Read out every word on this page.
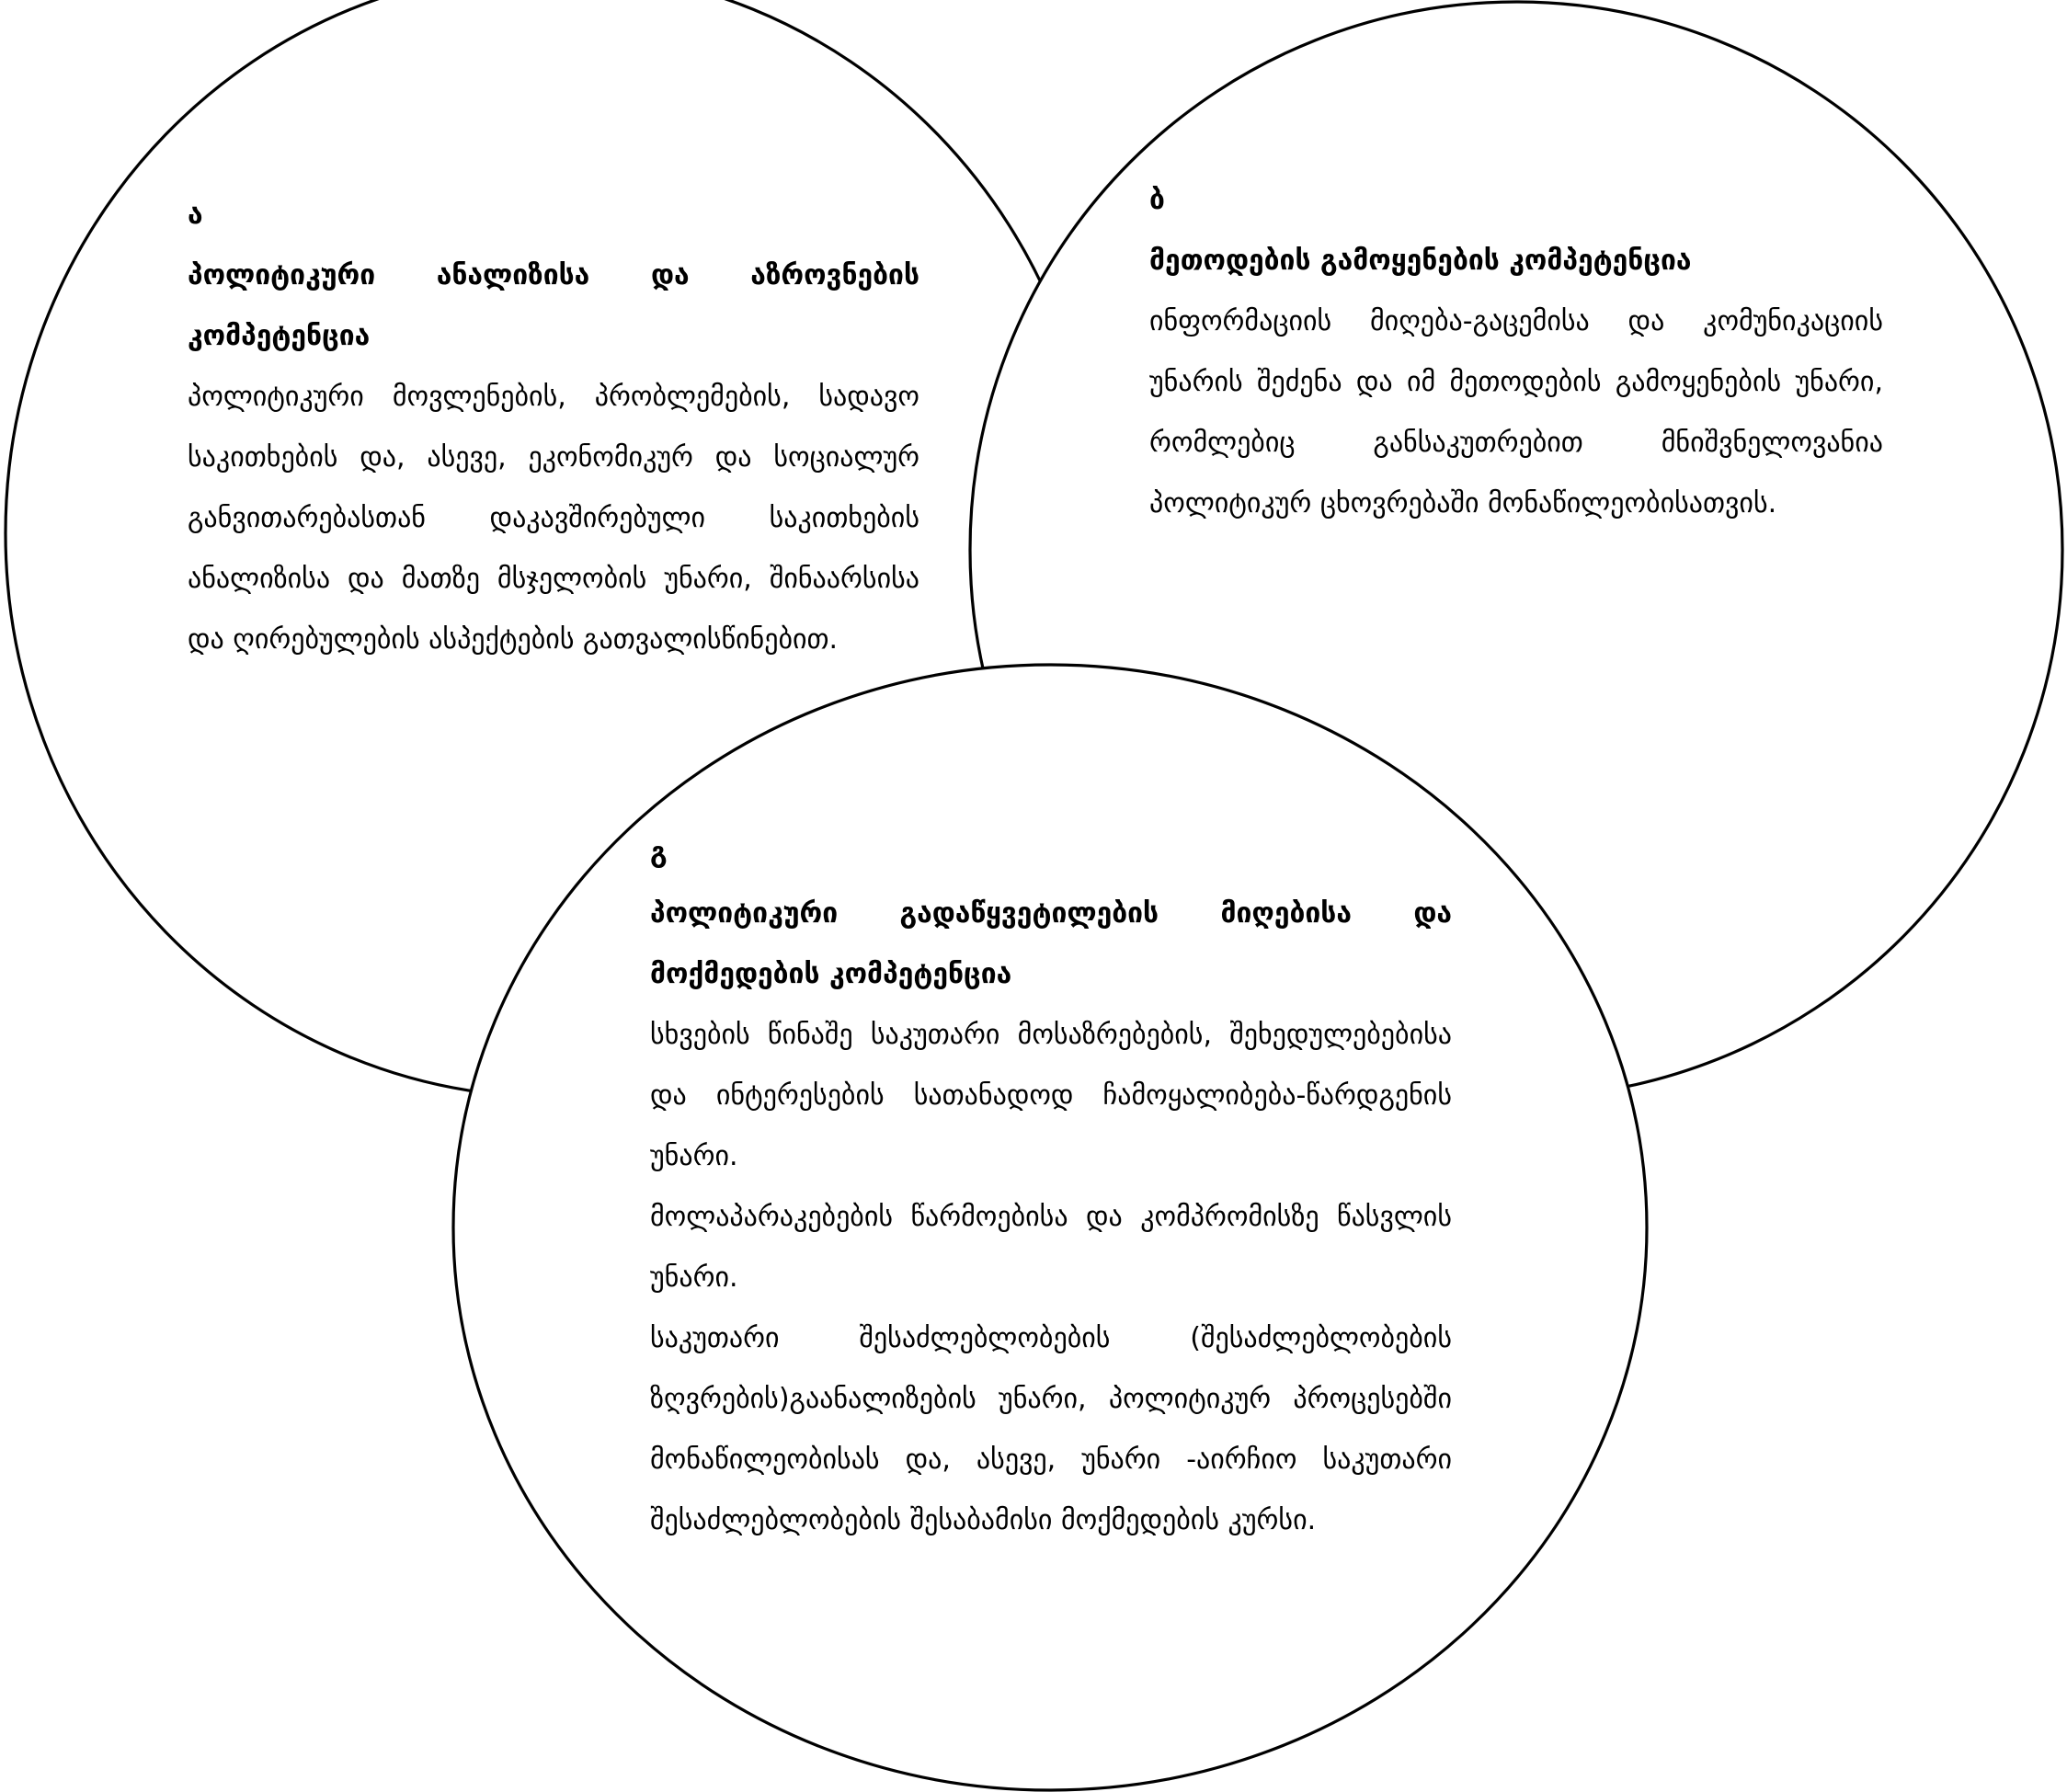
ა
პოლიტიკური ანალიზისა და აზროვნების კომპეტენცია

პოლიტიკური მოვლენების, პრობლემების, სადავო საკითხების და, ასევე, ეკონომიკურ და სოციალურ განვითარებასთან დაკავშირებული საკითხების ანალიზისა და მათზე მსჯელობის უნარი, შინაარსისა და ღირებულების ასპექტების გათვალისწინებით.

ბ
მეთოდების გამოყენების კომპეტენცია

ინფორმაციის მიღება-გაცემისა და კომუნიკაციის უნარის შეძენა და იმ მეთოდების გამოყენების უნარი, რომლებიც განსაკუთრებით მნიშვნელოვანია პოლიტიკურ ცხოვრებაში მონაწილეობისათვის.

გ
პოლიტიკური გადაწყვეტილების მიღებისა და მოქმედების კომპეტენცია

სხვების წინაშე საკუთარი მოსაზრებების, შეხედულებებისა და ინტერესების სათანადოდ ჩამოყალიბება-წარდგენის უნარი.

მოლაპარაკებების წარმოებისა და კომპრომისზე წასვლის უნარი.

საკუთარი შესაძლებლობების (შესაძლებლობების ზღვრების)გაანალიზების უნარი, პოლიტიკურ პროცესებში მონაწილეობისას და, ასევე, უნარი -აირჩიო საკუთარი შესაძლებლობების შესაბამისი მოქმედების კურსი.
